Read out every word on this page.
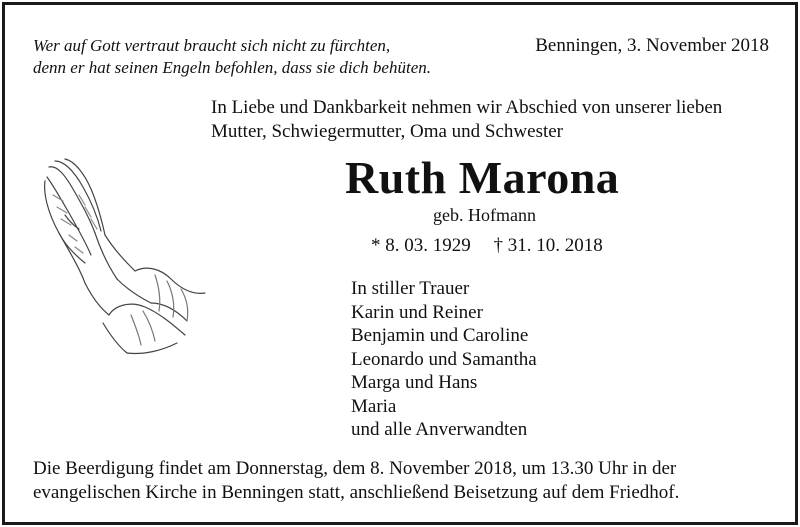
Wer auf Gott vertraut braucht sich nicht zu fürchten,
denn er hat seinen Engeln befohlen, dass sie dich behüten.
Benningen, 3. November 2018
In Liebe und Dankbarkeit nehmen wir Abschied von unserer lieben
Mutter, Schwiegermutter, Oma und Schwester
Ruth Marona
geb. Hofmann
* 8. 03. 1929 † 31. 10. 2018
In stiller Trauer
Karin und Reiner
Benjamin und Caroline
Leonardo und Samantha
Marga und Hans
Maria
und alle Anverwandten
Die Beerdigung findet am Donnerstag, dem 8. November 2018, um 13.30 Uhr in der
evangelischen Kirche in Benningen statt, anschließend Beisetzung auf dem Friedhof.
